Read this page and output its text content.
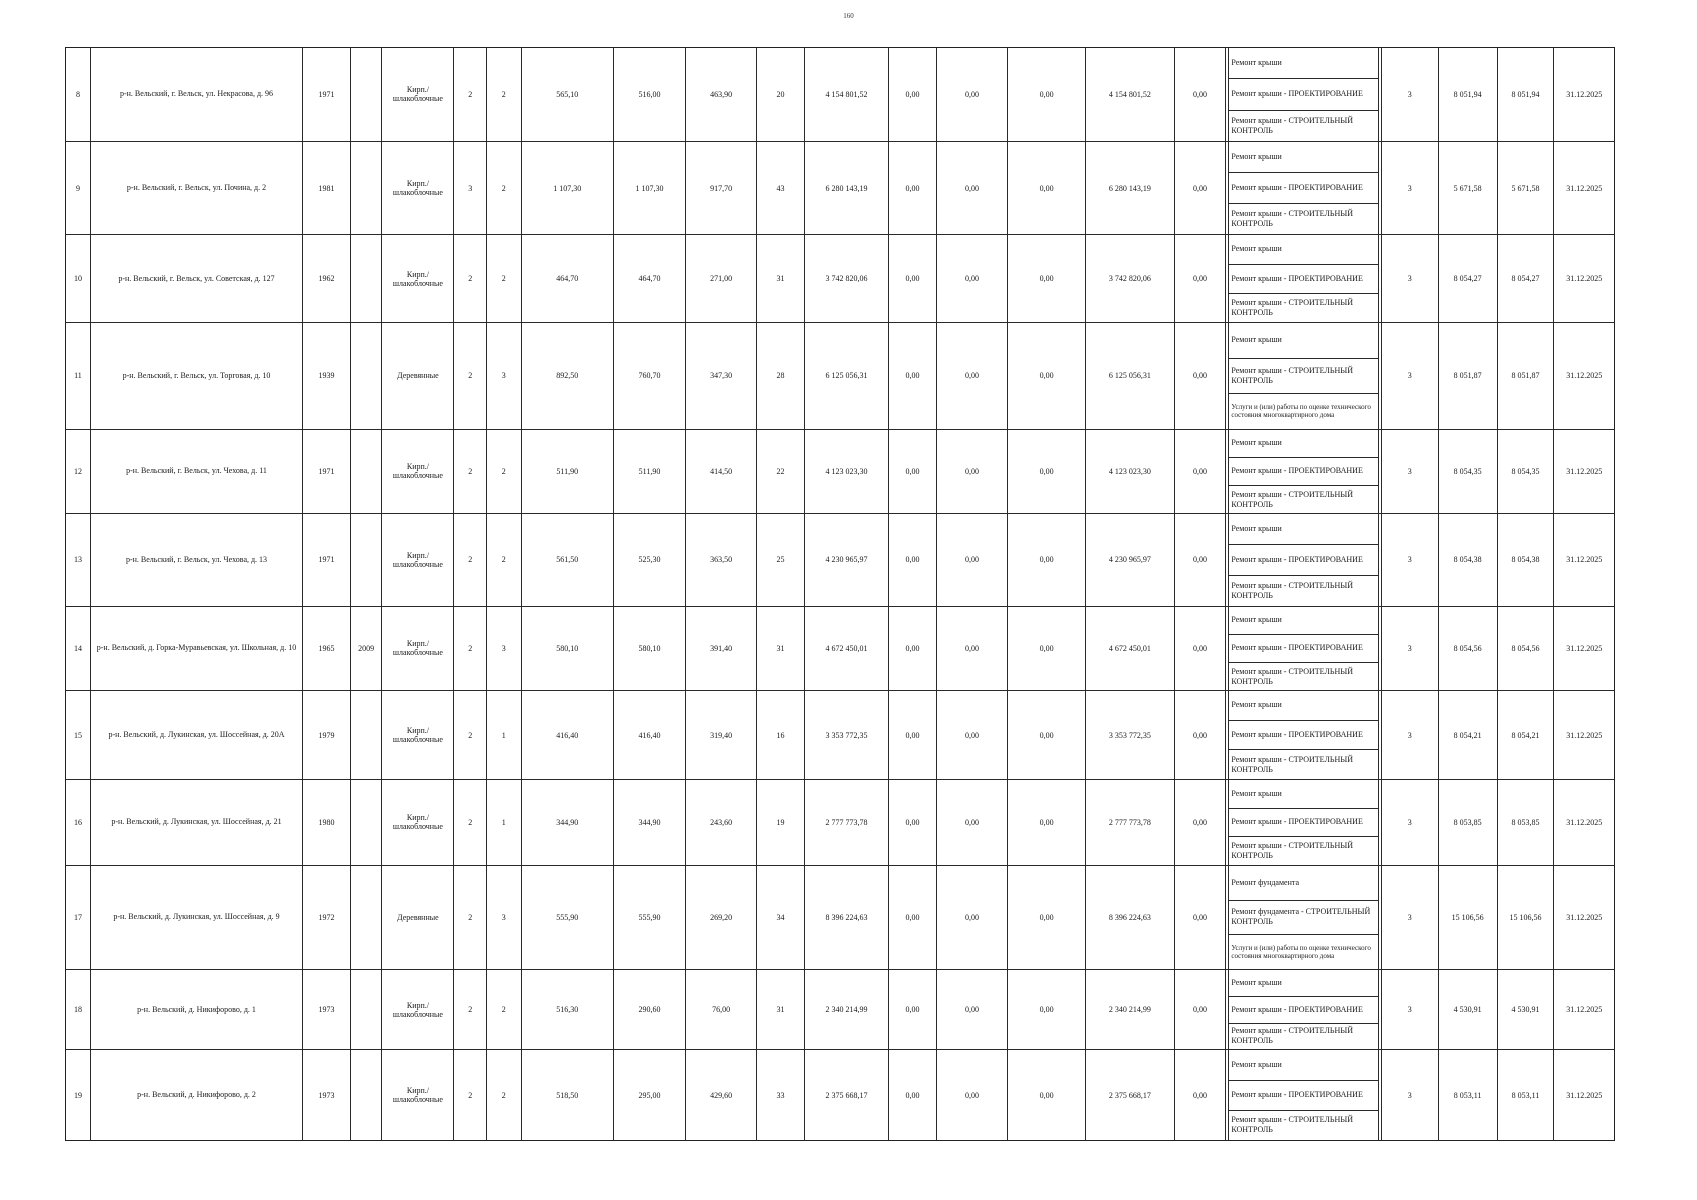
160
8	р-н. Вельский, г. Вельск, ул. Некрасова, д. 96	1971		Кирп./ шлакоблочные	2	2	565,10	516,00	463,90	20	4 154 801,52	0,00	0,00	0,00	4 154 801,52	0,00	Ремонт крыши
Ремонт крыши - ПРОЕКТИРОВАНИЕ
Ремонт крыши - СТРОИТЕЛЬНЫЙ КОНТРОЛЬ	3	8 051,94	8 051,94	31.12.2025
9	р-н. Вельский, г. Вельск, ул. Почина, д. 2	1981		Кирп./ шлакоблочные	3	2	1 107,30	1 107,30	917,70	43	6 280 143,19	0,00	0,00	0,00	6 280 143,19	0,00	Ремонт крыши
Ремонт крыши - ПРОЕКТИРОВАНИЕ
Ремонт крыши - СТРОИТЕЛЬНЫЙ КОНТРОЛЬ	3	5 671,58	5 671,58	31.12.2025
10	р-н. Вельский, г. Вельск, ул. Советская, д. 127	1962		Кирп./ шлакоблочные	2	2	464,70	464,70	271,00	31	3 742 820,06	0,00	0,00	0,00	3 742 820,06	0,00	Ремонт крыши
Ремонт крыши - ПРОЕКТИРОВАНИЕ
Ремонт крыши - СТРОИТЕЛЬНЫЙ КОНТРОЛЬ	3	8 054,27	8 054,27	31.12.2025
11	р-н. Вельский, г. Вельск, ул. Торговая, д. 10	1939		Деревянные	2	3	892,50	760,70	347,30	28	6 125 056,31	0,00	0,00	0,00	6 125 056,31	0,00	Ремонт крыши
Ремонт крыши - СТРОИТЕЛЬНЫЙ КОНТРОЛЬ
Услуги и (или) работы по оценке технического состояния многоквартирного дома	3	8 051,87	8 051,87	31.12.2025
12	р-н. Вельский, г. Вельск, ул. Чехова, д. 11	1971		Кирп./ шлакоблочные	2	2	511,90	511,90	414,50	22	4 123 023,30	0,00	0,00	0,00	4 123 023,30	0,00	Ремонт крыши
Ремонт крыши - ПРОЕКТИРОВАНИЕ
Ремонт крыши - СТРОИТЕЛЬНЫЙ КОНТРОЛЬ	3	8 054,35	8 054,35	31.12.2025
13	р-н. Вельский, г. Вельск, ул. Чехова, д. 13	1971		Кирп./ шлакоблочные	2	2	561,50	525,30	363,50	25	4 230 965,97	0,00	0,00	0,00	4 230 965,97	0,00	Ремонт крыши
Ремонт крыши - ПРОЕКТИРОВАНИЕ
Ремонт крыши - СТРОИТЕЛЬНЫЙ КОНТРОЛЬ	3	8 054,38	8 054,38	31.12.2025
14	р-н. Вельский, д. Горка-Муравьевская, ул. Школьная, д. 10	1965	2009	Кирп./ шлакоблочные	2	3	580,10	580,10	391,40	31	4 672 450,01	0,00	0,00	0,00	4 672 450,01	0,00	Ремонт крыши
Ремонт крыши - ПРОЕКТИРОВАНИЕ
Ремонт крыши - СТРОИТЕЛЬНЫЙ КОНТРОЛЬ	3	8 054,56	8 054,56	31.12.2025
15	р-н. Вельский, д. Лукинская, ул. Шоссейная, д. 20А	1979		Кирп./ шлакоблочные	2	1	416,40	416,40	319,40	16	3 353 772,35	0,00	0,00	0,00	3 353 772,35	0,00	Ремонт крыши
Ремонт крыши - ПРОЕКТИРОВАНИЕ
Ремонт крыши - СТРОИТЕЛЬНЫЙ КОНТРОЛЬ	3	8 054,21	8 054,21	31.12.2025
16	р-н. Вельский, д. Лукинская, ул. Шоссейная, д. 21	1980		Кирп./ шлакоблочные	2	1	344,90	344,90	243,60	19	2 777 773,78	0,00	0,00	0,00	2 777 773,78	0,00	Ремонт крыши
Ремонт крыши - ПРОЕКТИРОВАНИЕ
Ремонт крыши - СТРОИТЕЛЬНЫЙ КОНТРОЛЬ	3	8 053,85	8 053,85	31.12.2025
17	р-н. Вельский, д. Лукинская, ул. Шоссейная, д. 9	1972		Деревянные	2	3	555,90	555,90	269,20	34	8 396 224,63	0,00	0,00	0,00	8 396 224,63	0,00	Ремонт фундамента
Ремонт фундамента - СТРОИТЕЛЬНЫЙ КОНТРОЛЬ
Услуги и (или) работы по оценке технического состояния многоквартирного дома	3	15 106,56	15 106,56	31.12.2025
18	р-н. Вельский, д. Никифорово, д. 1	1973		Кирп./ шлакоблочные	2	2	516,30	290,60	76,00	31	2 340 214,99	0,00	0,00	0,00	2 340 214,99	0,00	Ремонт крыши
Ремонт крыши - ПРОЕКТИРОВАНИЕ
Ремонт крыши - СТРОИТЕЛЬНЫЙ КОНТРОЛЬ	3	4 530,91	4 530,91	31.12.2025
19	р-н. Вельский, д. Никифорово, д. 2	1973		Кирп./ шлакоблочные	2	2	518,50	295,00	429,60	33	2 375 668,17	0,00	0,00	0,00	2 375 668,17	0,00	Ремонт крыши
Ремонт крыши - ПРОЕКТИРОВАНИЕ
Ремонт крыши - СТРОИТЕЛЬНЫЙ КОНТРОЛЬ	3	8 053,11	8 053,11	31.12.2025
